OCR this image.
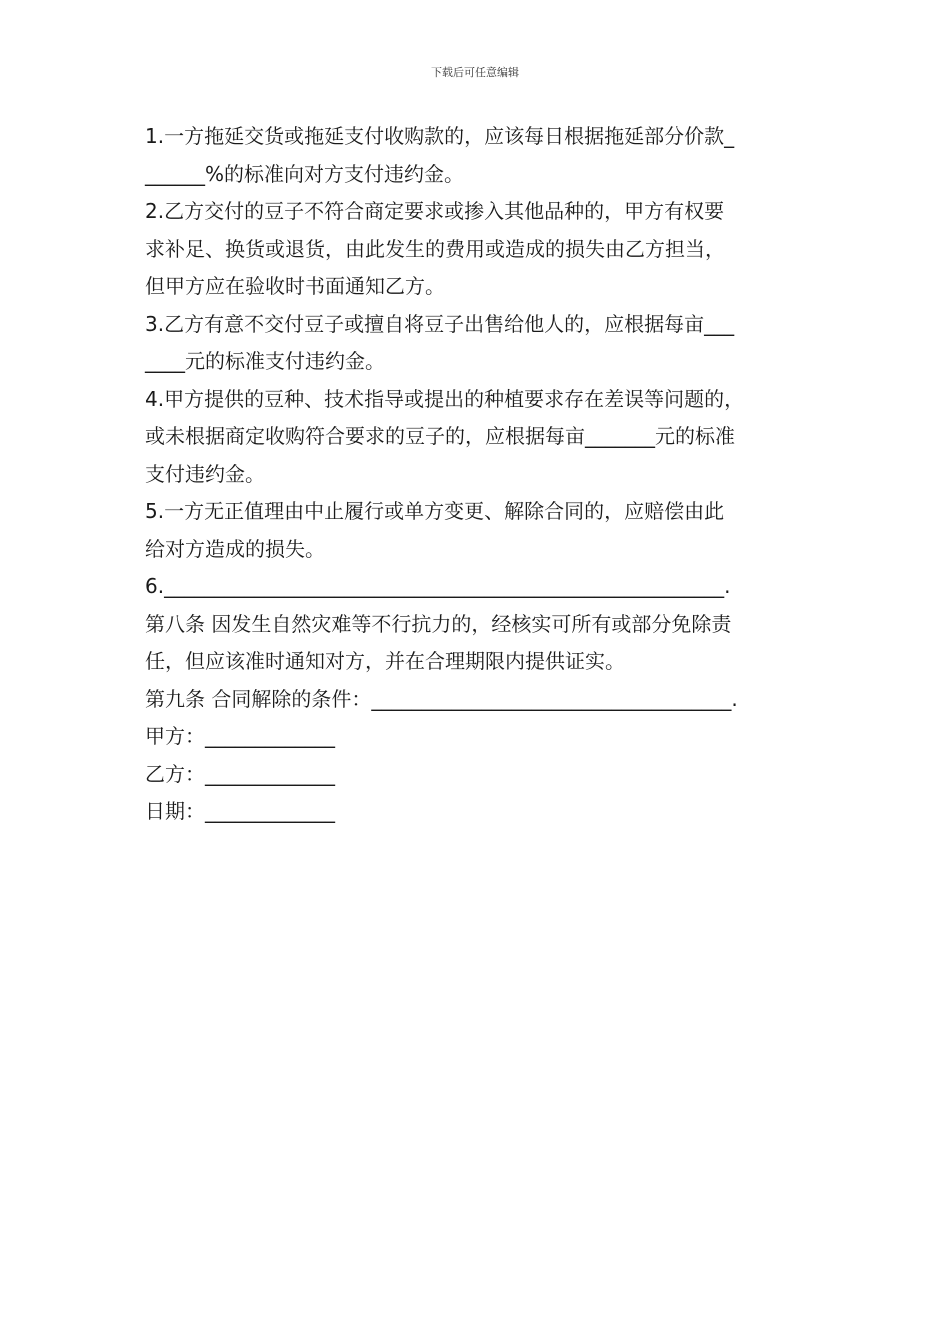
下载后可任意编辑
1.一方拖延交货或拖延支付收购款的，应该每日根据拖延部分价款_
______%的标准向对方支付违约金。
2.乙方交付的豆子不符合商定要求或掺入其他品种的，甲方有权要
求补足、换货或退货，由此发生的费用或造成的损失由乙方担当，
但甲方应在验收时书面通知乙方。
3.乙方有意不交付豆子或擅自将豆子出售给他人的，应根据每亩___
____元的标准支付违约金。
4.甲方提供的豆种、技术指导或提出的种植要求存在差误等问题的，
或未根据商定收购符合要求的豆子的，应根据每亩_______元的标准
支付违约金。
5.一方无正值理由中止履行或单方变更、解除合同的，应赔偿由此
给对方造成的损失。
6.________________________________________________________.
第八条 因发生自然灾难等不行抗力的，经核实可所有或部分免除责
任，但应该准时通知对方，并在合理期限内提供证实。
第九条 合同解除的条件：____________________________________.
甲方：_____________
乙方：_____________
日期：_____________
